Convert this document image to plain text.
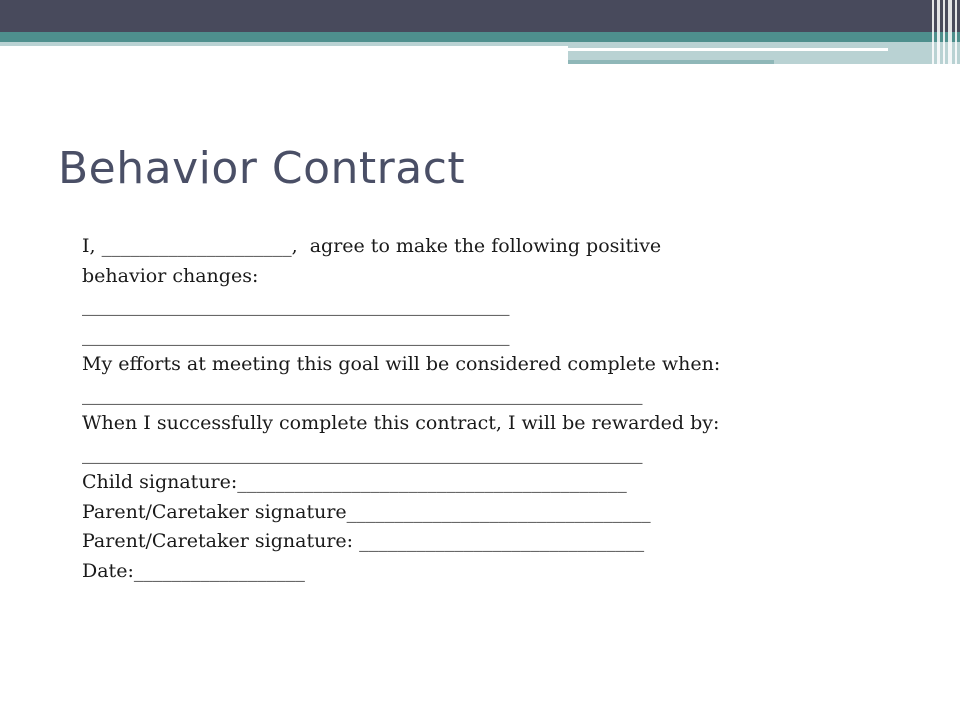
Behavior Contract
I, ____________________,  agree to make the following positive
behavior changes:
_____________________________________________
_____________________________________________
My efforts at meeting this goal will be considered complete when:
___________________________________________________________
When I successfully complete this contract, I will be rewarded by:
___________________________________________________________
Child signature:_________________________________________
Parent/Caretaker signature________________________________
Parent/Caretaker signature: ______________________________
Date:__________________
